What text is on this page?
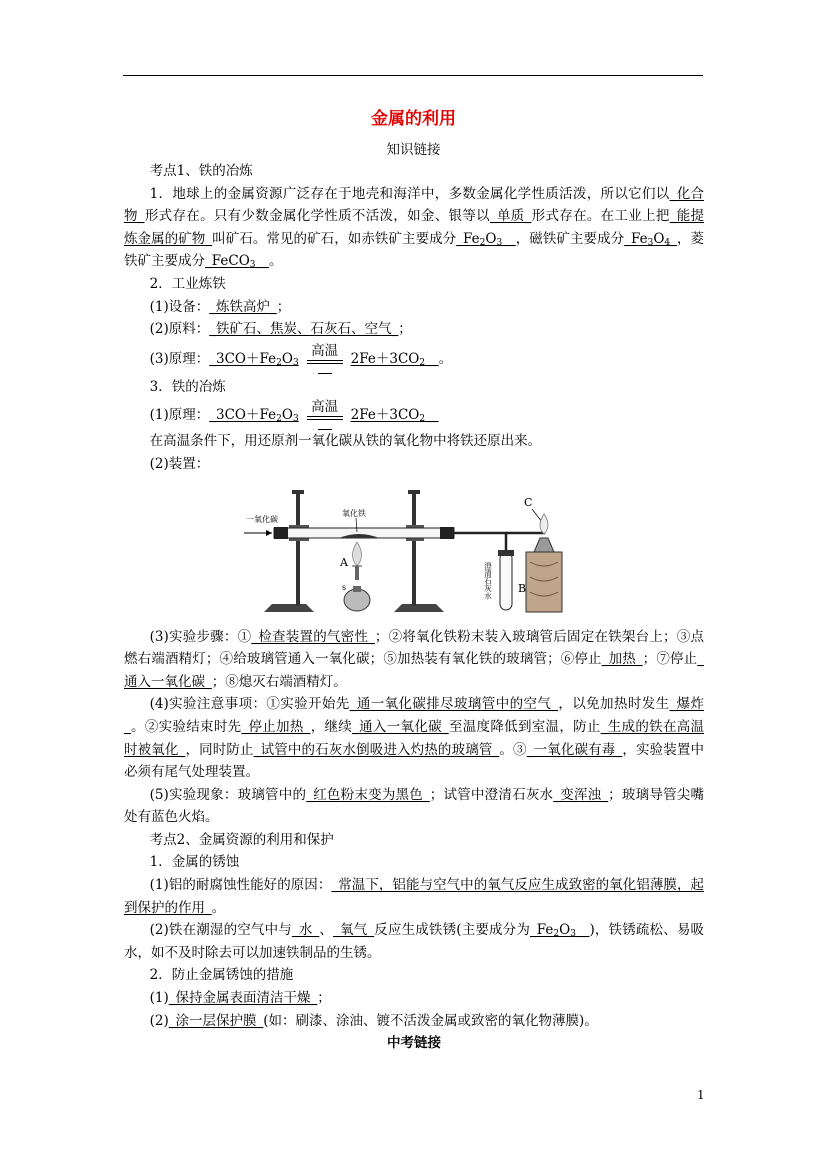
金属的利用
知识链接

考点1、铁的冶炼

1．地球上的金属资源广泛存在于地壳和海洋中，多数金属化学性质活泼，所以它们以_化合物_形式存在。只有少数金属化学性质不活泼，如金、银等以_单质_形式存在。在工业上把_能提炼金属的矿物_叫矿石。常见的矿石，如赤铁矿主要成分$\_Fe_2O_3\_\_$，磁铁矿主要成分$\_Fe_3O_4\_$，菱铁矿主要成分_FeCO$_3$__。

2．工业炼铁

(1)设备：_炼铁高炉_；

(2)原料：_铁矿石、焦炭、石灰石、空气_；

(3)原理： $\_3CO+Fe_2O_3$
高温
$2Fe+3CO_2\_\_$ 。

3．铁的冶炼

(1)原理： $\_3CO+Fe_2O_3$
高温
$2Fe+3CO_2\_\_$

在高温条件下，用还原剂一氧化碳从铁的氧化物中将铁还原出来。

(2)装置：

一氧化碳
氧化铁
A
s	B
澄清石灰水
C

(3)实验步骤：①_检查装置的气密性_；②将氧化铁粉末装入玻璃管后固定在铁架台上；③点燃右端酒精灯；④给玻璃管通入一氧化碳；⑤加热装有氧化铁的玻璃管；⑥停止_加热_；⑦停止_通入一氧化碳_；⑧熄灭右端酒精灯。

(4)实验注意事项：①实验开始先_通一氧化碳排尽玻璃管中的空气_，以免加热时发生_爆炸_。②实验结束时先_停止加热_，继续_通入一氧化碳_至温度降低到室温，防止_生成的铁在高温时被氧化_，同时防止_试管中的石灰水倒吸进入灼热的玻璃管_。③_一氧化碳有毒_，实验装置中必须有尾气处理装置。

(5)实验现象：玻璃管中的_红色粉末变为黑色_；试管中澄清石灰水_变浑浊_；玻璃导管尖嘴处有蓝色火焰。

考点2、金属资源的利用和保护

1．金属的锈蚀

(1)铝的耐腐蚀性能好的原因：_常温下，铝能与空气中的氧气反应生成致密的氧化铝薄膜，起到保护的作用_。

(2)铁在潮湿的空气中与_水_、_氧气_反应生成铁锈(主要成分为$\_Fe_2O_3\_\_$)，铁锈疏松、易吸水，如不及时除去可以加速铁制品的生锈。

2．防止金属锈蚀的措施

(1)_保持金属表面清洁干燥_；

(2)_涂一层保护膜_(如：刷漆、涂油、镀不活泼金属或致密的氧化物薄膜)。

中考链接

1
